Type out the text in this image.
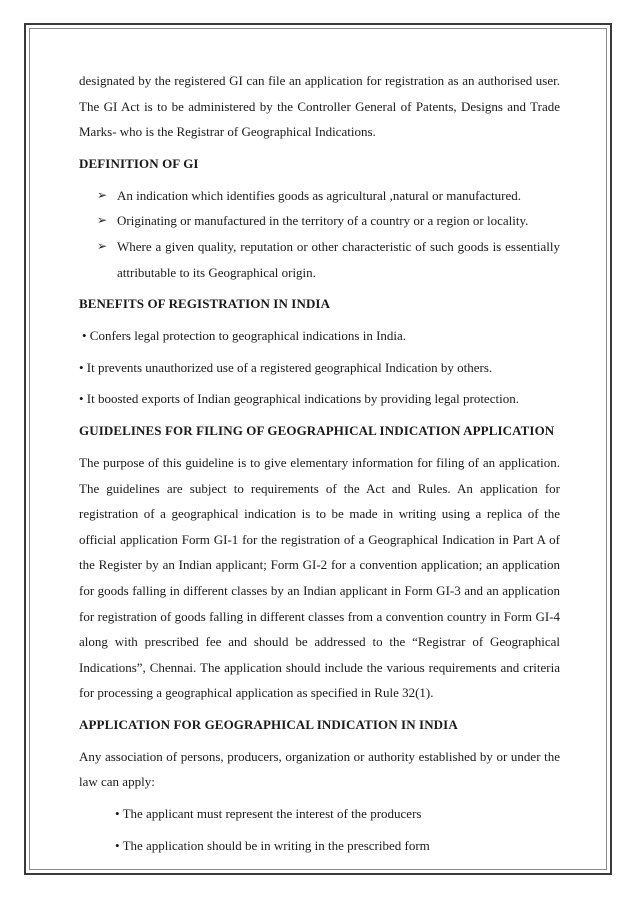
designated by the registered GI can file an application for registration as an authorised user. The GI Act is to be administered by the Controller General of Patents, Designs and Trade Marks- who is the Registrar of Geographical Indications.

DEFINITION OF GI
➢ An indication which identifies goods as agricultural ,natural or manufactured.
➢ Originating or manufactured in the territory of a country or a region or locality.
➢ Where a given quality, reputation or other characteristic of such goods is essentially attributable to its Geographical origin.
BENEFITS OF REGISTRATION IN INDIA

• Confers legal protection to geographical indications in India.

• It prevents unauthorized use of a registered geographical Indication by others.

• It boosted exports of Indian geographical indications by providing legal protection.

GUIDELINES FOR FILING OF GEOGRAPHICAL INDICATION APPLICATION

The purpose of this guideline is to give elementary information for filing of an application. The guidelines are subject to requirements of the Act and Rules. An application for registration of a geographical indication is to be made in writing using a replica of the official application Form GI-1 for the registration of a Geographical Indication in Part A of the Register by an Indian applicant; Form GI-2 for a convention application; an application for goods falling in different classes by an Indian applicant in Form GI-3 and an application for registration of goods falling in different classes from a convention country in Form GI-4 along with prescribed fee and should be addressed to the “Registrar of Geographical Indications”, Chennai. The application should include the various requirements and criteria for processing a geographical application as specified in Rule 32(1).

APPLICATION FOR GEOGRAPHICAL INDICATION IN INDIA

Any association of persons, producers, organization or authority established by or under the law can apply:

• The applicant must represent the interest of the producers

• The application should be in writing in the prescribed form
